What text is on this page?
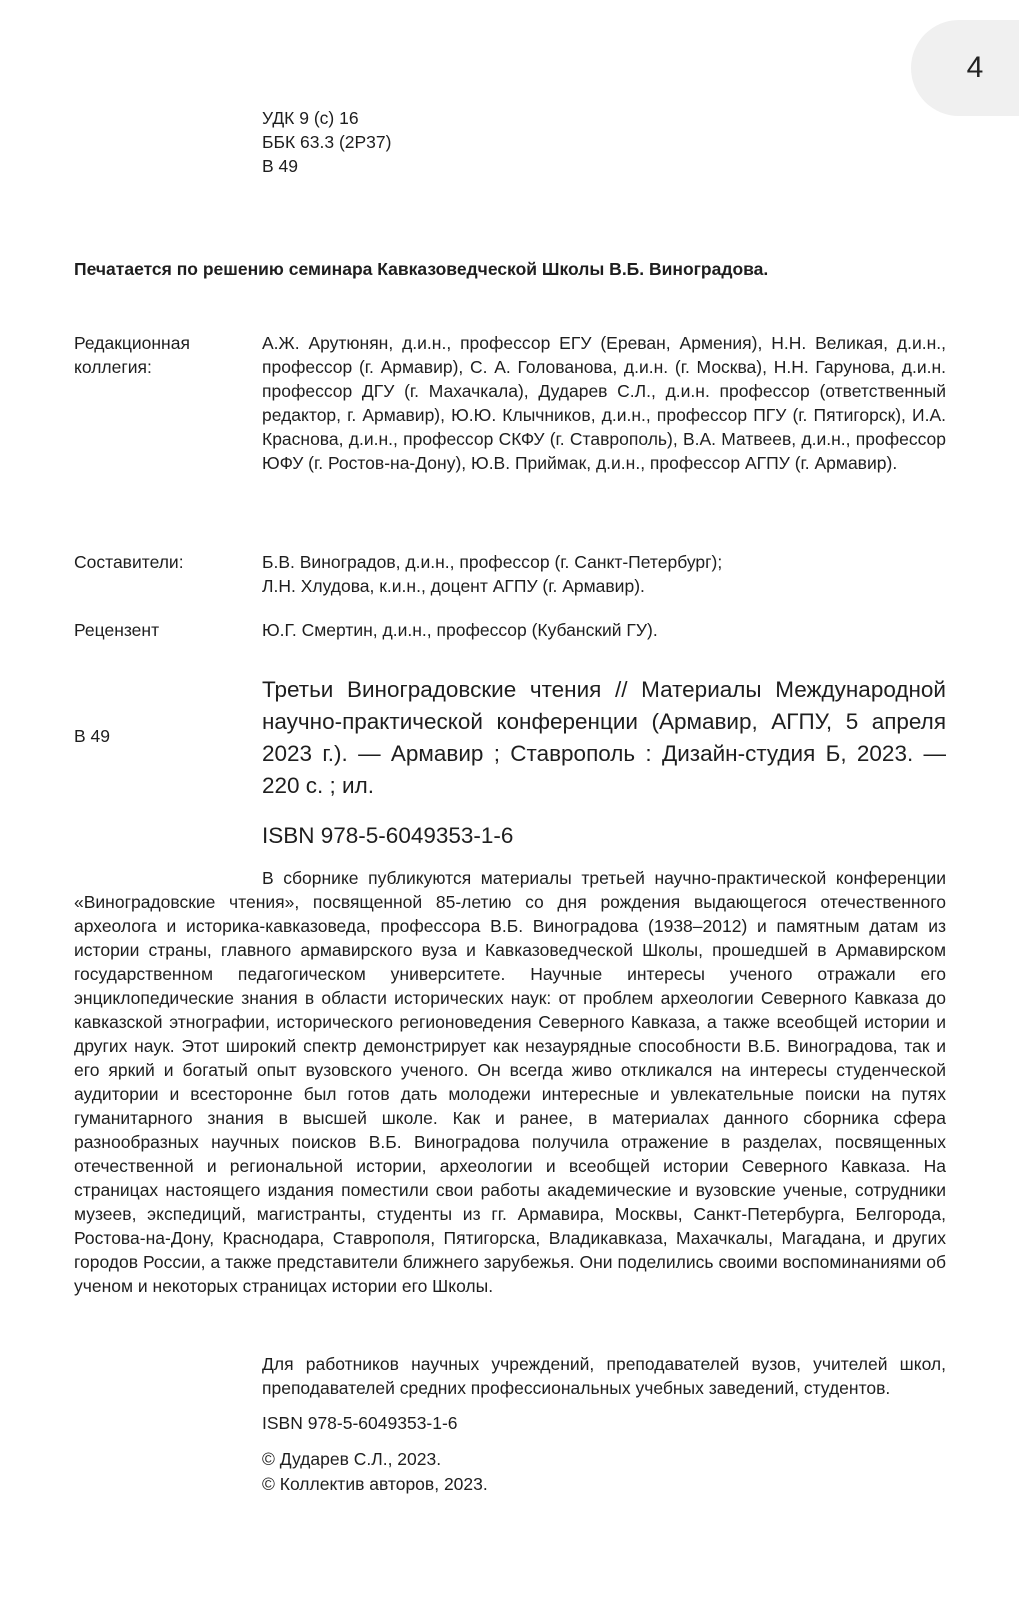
4
УДК 9 (с) 16
ББК 63.3 (2Р37)
В 49
Печатается по решению семинара Кавказоведческой Школы В.Б. Виноградова.
Редакционная коллегия:
А.Ж. Арутюнян, д.и.н., профессор ЕГУ (Ереван, Армения), Н.Н. Великая, д.и.н., профессор (г. Армавир), С. А. Голованова, д.и.н. (г. Москва), Н.Н. Гарунова, д.и.н. профессор ДГУ (г. Махачкала), Дударев С.Л., д.и.н. профессор (ответственный редактор, г. Армавир), Ю.Ю. Клычников, д.и.н., профессор ПГУ (г. Пятигорск), И.А. Краснова, д.и.н., профессор СКФУ (г. Ставрополь), В.А. Матвеев, д.и.н., профессор ЮФУ (г. Ростов-на-Дону), Ю.В. Приймак, д.и.н., профессор АГПУ (г. Армавир).
Составители:	Б.В. Виноградов, д.и.н., профессор (г. Санкт-Петербург);
Л.Н. Хлудова, к.и.н., доцент АГПУ (г. Армавир).
Рецензент	Ю.Г. Смертин, д.и.н., профессор (Кубанский ГУ).
Третьи Виноградовские чтения // Материалы Международной научно-практической конференции (Армавир, АГПУ, 5 апреля 2023 г.). — Армавир ; Ставрополь : Дизайн-студия Б, 2023. — 220 с. ; ил.
В 49
ISBN 978-5-6049353-1-6

В сборнике публикуются материалы третьей научно-практической конференции «Виноградовские чтения», посвященной 85-летию со дня рождения выдающегося отечественного археолога и историка-кавказоведа, профессора В.Б. Виноградова (1938–2012) и памятным датам из истории страны, главного армавирского вуза и Кавказоведческой Школы, прошедшей в Армавирском государственном педагогическом университете. Научные интересы ученого отражали его энциклопедические знания в области исторических наук: от проблем археологии Северного Кавказа до кавказской этнографии, исторического регионоведения Северного Кавказа, а также всеобщей истории и других наук. Этот широкий спектр демонстрирует как незаурядные способности В.Б. Виноградова, так и его яркий и богатый опыт вузовского ученого. Он всегда живо откликался на интересы студенческой аудитории и всесторонне был готов дать молодежи интересные и увлекательные поиски на путях гуманитарного знания в высшей школе. Как и ранее, в материалах данного сборника сфера разнообразных научных поисков В.Б. Виноградова получила отражение в разделах, посвященных отечественной и региональной истории, археологии и всеобщей истории Северного Кавказа. На страницах настоящего издания поместили свои работы академические и вузовские ученые, сотрудники музеев, экспедиций, магистранты, студенты из гг. Армавира, Москвы, Санкт-Петербурга, Белгорода, Ростова-на-Дону, Краснодара, Ставрополя, Пятигорска, Владикавказа, Махачкалы, Магадана, и других городов России, а также представители ближнего зарубежья. Они поделились своими воспоминаниями об ученом и некоторых страницах истории его Школы.

Для работников научных учреждений, преподавателей вузов, учителей школ, преподавателей средних профессиональных учебных заведений, студентов.

ISBN 978-5-6049353-1-6
© Дударев С.Л., 2023.
© Коллектив авторов, 2023.
